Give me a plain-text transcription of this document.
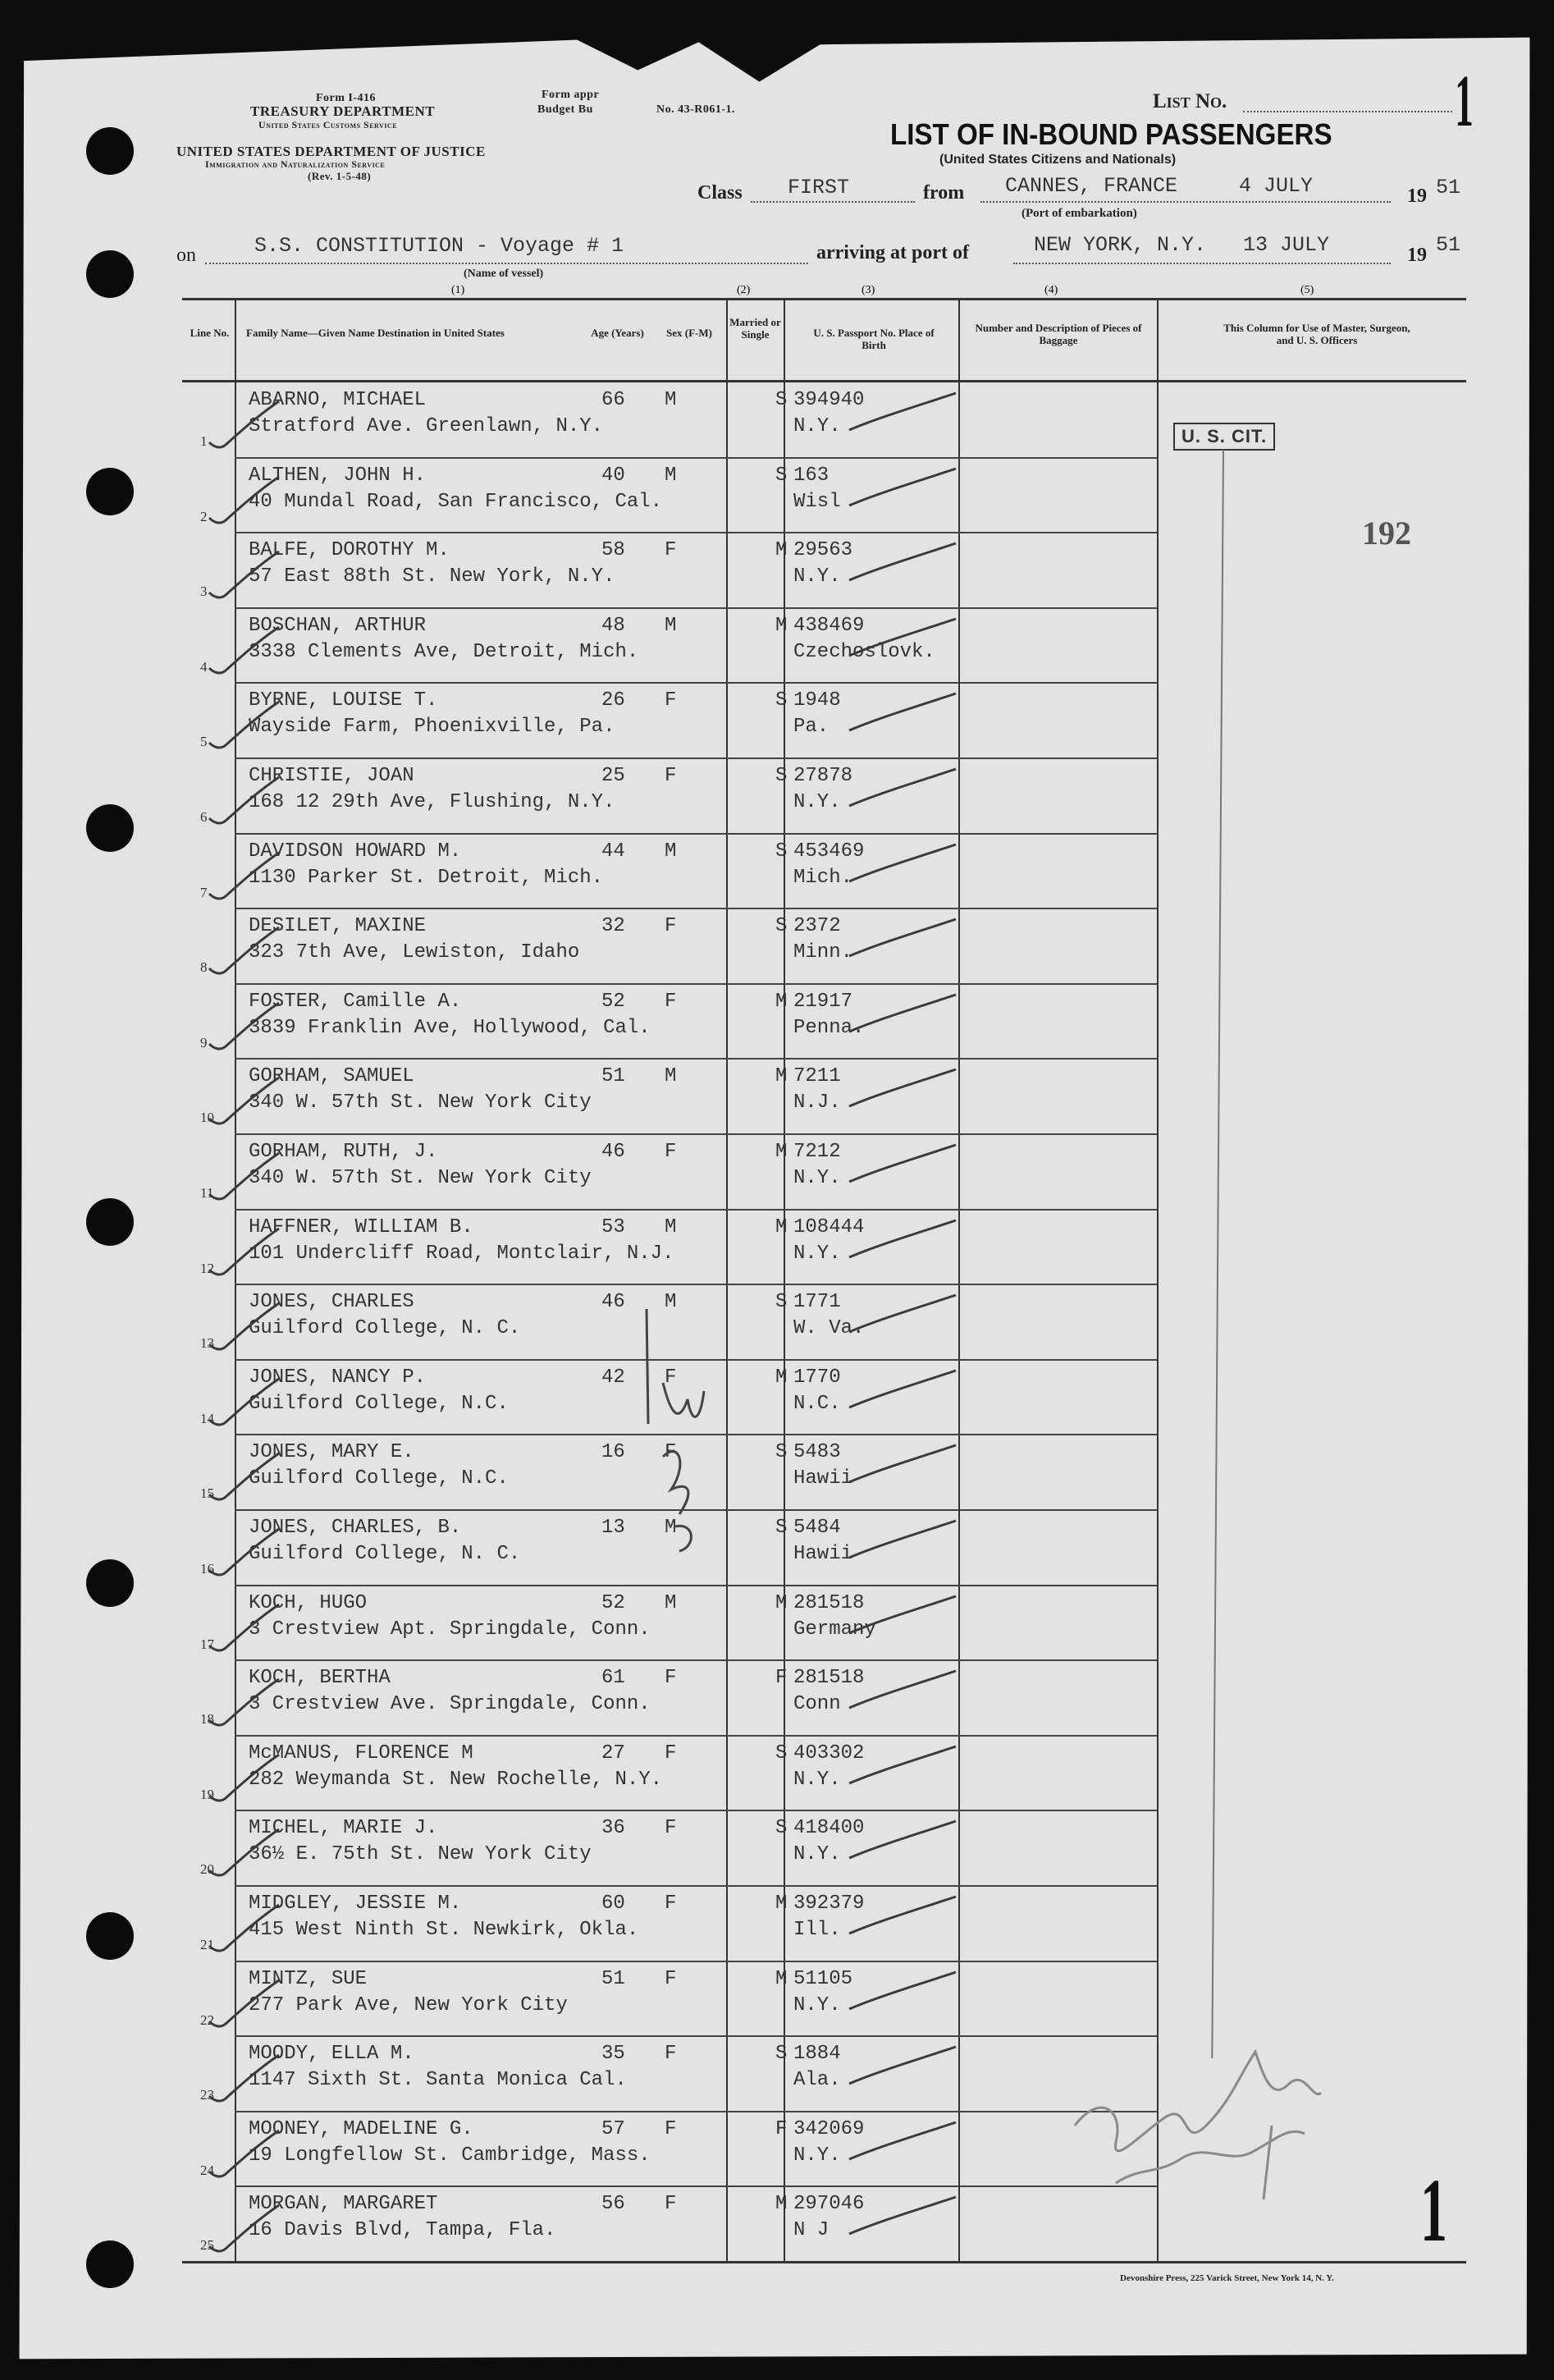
Form I-416	Form appr
Budget Bu	No. 43-R061-1.
TREASURY DEPARTMENT
United States Customs Service
UNITED STATES DEPARTMENT OF JUSTICE
Immigration and Naturalization Service
(Rev. 1-5-48)
List No.	1
LIST OF IN-BOUND PASSENGERS
(United States Citizens and Nationals)
Class FIRST	from CANNES, FRANCE	4 JULY	19 51
(Port of embarkation)
on	S.S. CONSTITUTION - Voyage # 1
(Name of vessel)
arriving at port of	NEW YORK, N.Y. 13 JULY	19 51
(1)	(2)	(3)	(4)	(5)
Line No. Family Name—Given Name Destination in United States	Age (Years) Sex (F-M)
Married or Single	U. S. Passport No. Place of Birth
Number and Description of Pieces of Baggage
This Column for Use of Master, Surgeon, and U. S. Officers
1
ABARNO, MICHAEL
Stratford Ave. Greenlawn, N.Y.
66 M	S 394940
N.Y.
2
ALTHEN, JOHN H.
40 Mundal Road, San Francisco, Cal.
40 M	S 163
Wisl
3
BALFE, DOROTHY M.
57 East 88th St. New York, N.Y.
58 F	M 29563
N.Y.
4
BOSCHAN, ARTHUR
3338 Clements Ave, Detroit, Mich.
48 M	M 438469
Czechoslovk.
5
BYRNE, LOUISE T.
Wayside Farm, Phoenixville, Pa.
26 F	S 1948
Pa.
6
CHRISTIE, JOAN
168 12 29th Ave, Flushing, N.Y.
25 F	S 27878
N.Y.
7
DAVIDSON HOWARD M.
1130 Parker St. Detroit, Mich.
44 M	S 453469
Mich.
8
DESILET, MAXINE
323 7th Ave, Lewiston, Idaho
32 F	S 2372
Minn.
9
FOSTER, Camille A.
3839 Franklin Ave, Hollywood, Cal.
52 F	M 21917
Penna.
10
GORHAM, SAMUEL
340 W. 57th St. New York City
51 M	M 7211
N.J.
11
GORHAM, RUTH, J.
340 W. 57th St. New York City
46 F	M 7212
N.Y.
12
HAFFNER, WILLIAM B.
101 Undercliff Road, Montclair, N.J.
53 M	M 108444
N.Y.
13
JONES, CHARLES
Guilford College, N. C.
46 M	S 1771
W. Va.
14
JONES, NANCY P.
Guilford College, N.C.
42 F	M 1770
N.C.
15
JONES, MARY E.
Guilford College, N.C.
16 F	S 5483
Hawii
16
JONES, CHARLES, B.
Guilford College, N. C.
13 M	S 5484
Hawii
17
KOCH, HUGO
3 Crestview Apt. Springdale, Conn.
52 M	M 281518
Germany
18
KOCH, BERTHA
3 Crestview Ave. Springdale, Conn.
61 F	F 281518
Conn
19
McMANUS, FLORENCE M
282 Weymanda St. New Rochelle, N.Y.
27 F	S 403302
N.Y.
20
MICHEL, MARIE J.
36½ E. 75th St. New York City
36 F	S 418400
N.Y.
21
MIDGLEY, JESSIE M.
415 West Ninth St. Newkirk, Okla.
60 F	M 392379
Ill.
22
MINTZ, SUE
277 Park Ave, New York City
51 F	M 51105
N.Y.
23
MOODY, ELLA M.
1147 Sixth St. Santa Monica Cal.
35 F	S 1884
Ala.
24
MOONEY, MADELINE G.
19 Longfellow St. Cambridge, Mass.
57 F	F 342069
N.Y.
25
MORGAN, MARGARET
16 Davis Blvd, Tampa, Fla.
56 F	M 297046
N J
U. S. CIT.
192
1
Devonshire Press, 225 Varick Street, New York 14, N. Y.
